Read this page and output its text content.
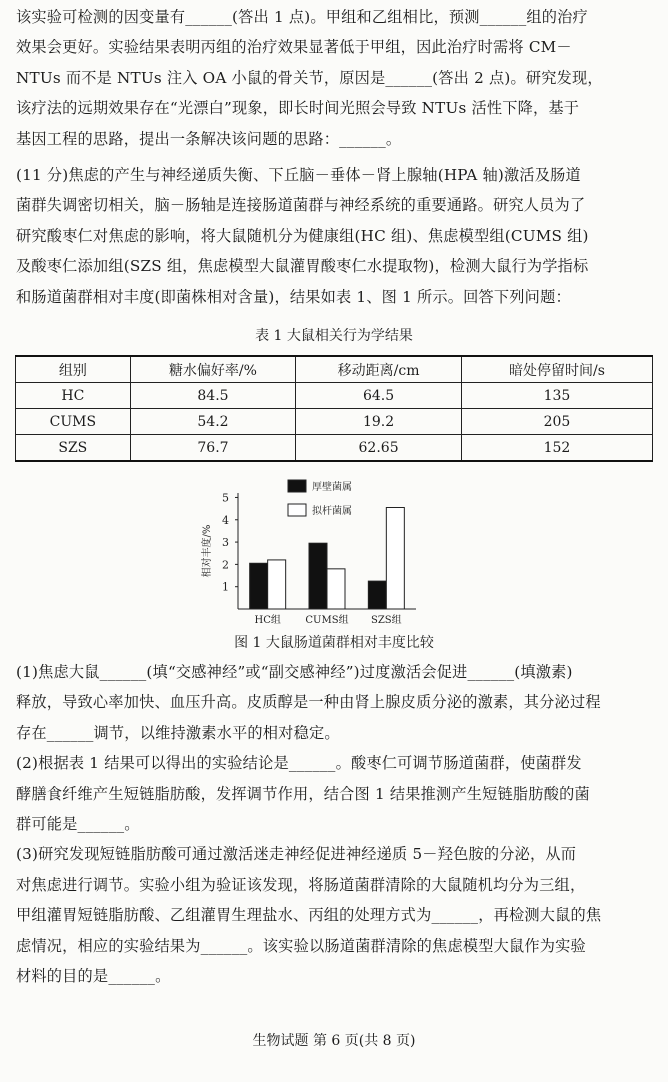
该实验可检测的因变量有______(答出 1 点)。甲组和乙组相比，预测______组的治疗
效果会更好。实验结果表明丙组的治疗效果显著低于甲组，因此治疗时需将 CM－
NTUs 而不是 NTUs 注入 OA 小鼠的骨关节，原因是______(答出 2 点)。研究发现，
该疗法的远期效果存在“光漂白”现象，即长时间光照会导致 NTUs 活性下降，基于
基因工程的思路，提出一条解决该问题的思路：______。
(11 分)焦虑的产生与神经递质失衡、下丘脑－垂体－肾上腺轴(HPA 轴)激活及肠道
菌群失调密切相关，脑－肠轴是连接肠道菌群与神经系统的重要通路。研究人员为了
研究酸枣仁对焦虑的影响，将大鼠随机分为健康组(HC 组)、焦虑模型组(CUMS 组)
及酸枣仁添加组(SZS 组，焦虑模型大鼠灌胃酸枣仁水提取物)，检测大鼠行为学指标
和肠道菌群相对丰度(即菌株相对含量)，结果如表 1、图 1 所示。回答下列问题：
表 1 大鼠相关行为学结果
组别	糖水偏好率/%	移动距离/cm	暗处停留时间/s
HC	84.5	64.5	135
CUMS	54.2	19.2	205
SZS	76.7	62.65	152
1
2
3
4
5
相对丰度/%
HC组 CUMS组 SZS组
厚壁菌属
拟杆菌属
图 1 大鼠肠道菌群相对丰度比较
(1)焦虑大鼠______(填“交感神经”或“副交感神经”)过度激活会促进______(填激素)
释放，导致心率加快、血压升高。皮质醇是一种由肾上腺皮质分泌的激素，其分泌过程
存在______调节，以维持激素水平的相对稳定。
(2)根据表 1 结果可以得出的实验结论是______。酸枣仁可调节肠道菌群，使菌群发
酵膳食纤维产生短链脂肪酸，发挥调节作用，结合图 1 结果推测产生短链脂肪酸的菌
群可能是______。
(3)研究发现短链脂肪酸可通过激活迷走神经促进神经递质 5－羟色胺的分泌，从而
对焦虑进行调节。实验小组为验证该发现，将肠道菌群清除的大鼠随机均分为三组，
甲组灌胃短链脂肪酸、乙组灌胃生理盐水、丙组的处理方式为______，再检测大鼠的焦
虑情况，相应的实验结果为______。该实验以肠道菌群清除的焦虑模型大鼠作为实验
材料的目的是______。
生物试题 第 6 页(共 8 页)
